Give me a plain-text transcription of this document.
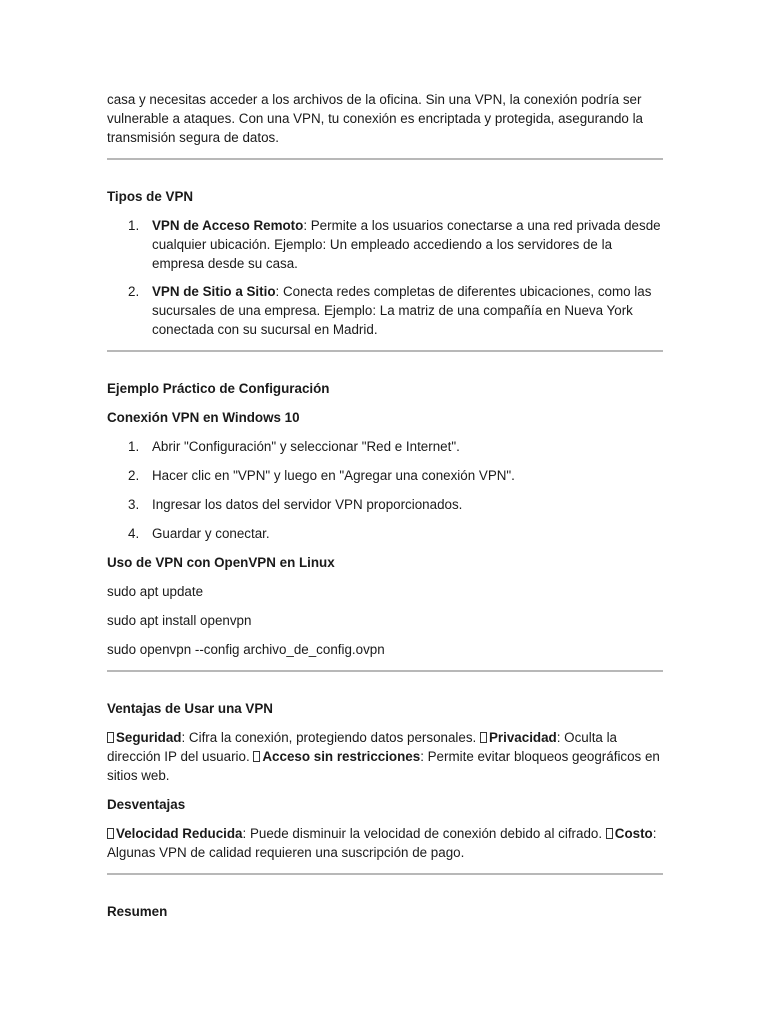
casa y necesitas acceder a los archivos de la oficina. Sin una VPN, la conexión podría ser vulnerable a ataques. Con una VPN, tu conexión es encriptada y protegida, asegurando la transmisión segura de datos.

Tipos de VPN

1. VPN de Acceso Remoto: Permite a los usuarios conectarse a una red privada desde cualquier ubicación. Ejemplo: Un empleado accediendo a los servidores de la empresa desde su casa.
2. VPN de Sitio a Sitio: Conecta redes completas de diferentes ubicaciones, como las sucursales de una empresa. Ejemplo: La matriz de una compañía en Nueva York conectada con su sucursal en Madrid.

Ejemplo Práctico de Configuración

Conexión VPN en Windows 10

1. Abrir "Configuración" y seleccionar "Red e Internet".
2. Hacer clic en "VPN" y luego en "Agregar una conexión VPN".
3. Ingresar los datos del servidor VPN proporcionados.
4. Guardar y conectar.

Uso de VPN con OpenVPN en Linux

sudo apt update

sudo apt install openvpn

sudo openvpn --config archivo_de_config.ovpn

Ventajas de Usar una VPN

Seguridad: Cifra la conexión, protegiendo datos personales. Privacidad: Oculta la dirección IP del usuario. Acceso sin restricciones: Permite evitar bloqueos geográficos en sitios web.

Desventajas

Velocidad Reducida: Puede disminuir la velocidad de conexión debido al cifrado. Costo: Algunas VPN de calidad requieren una suscripción de pago.

Resumen
